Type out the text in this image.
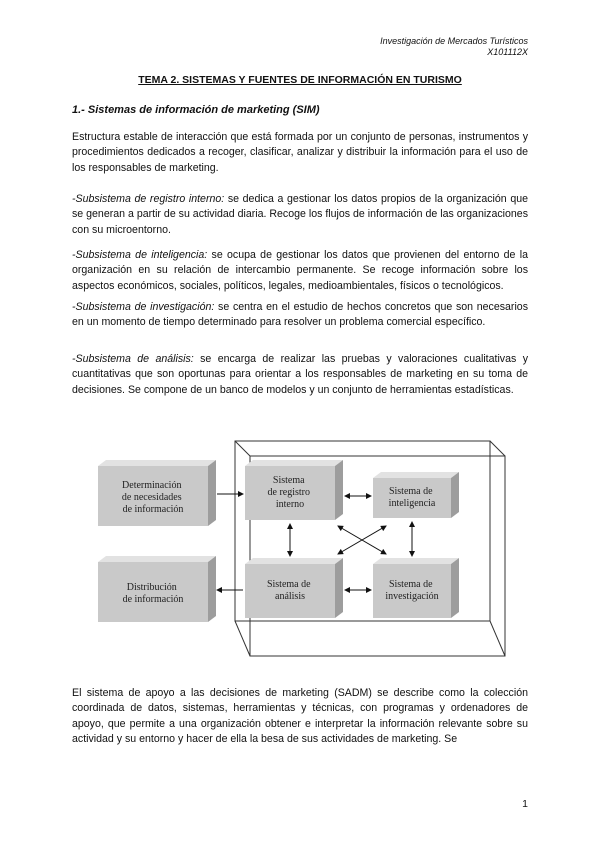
Investigación de Mercados Turísticos
X101112X
TEMA 2. SISTEMAS Y FUENTES DE INFORMACIÓN EN TURISMO
1.- Sistemas de información de marketing (SIM)

Estructura estable de interacción que está formada por un conjunto de personas, instrumentos y procedimientos dedicados a recoger, clasificar, analizar y distribuir la información para el uso de los responsables de marketing.

-Subsistema de registro interno: se dedica a gestionar los datos propios de la organización que se generan a partir de su actividad diaria. Recoge los flujos de información de las organizaciones con su microentorno.

-Subsistema de inteligencia: se ocupa de gestionar los datos que provienen del entorno de la organización en su relación de intercambio permanente. Se recoge información sobre los aspectos económicos, sociales, políticos, legales, medioambientales, físicos o tecnológicos.

-Subsistema de investigación: se centra en el estudio de hechos concretos que son necesarios en un momento de tiempo determinado para resolver un problema comercial específico.

-Subsistema de análisis: se encarga de realizar las pruebas y valoraciones cualitativas y cuantitativas que son oportunas para orientar a los responsables de marketing en su toma de decisiones. Se compone de un banco de modelos y un conjunto de herramientas estadísticas.

Determinación de necesidades de información
Distribución de información
Sistema de registro interno
Sistema de inteligencia
Sistema de análisis
Sistema de investigación

El sistema de apoyo a las decisiones de marketing (SADM) se describe como la colección coordinada de datos, sistemas, herramientas y técnicas, con programas y ordenadores de apoyo, que permite a una organización obtener e interpretar la información relevante sobre su actividad y su entorno y hacer de ella la besa de sus actividades de marketing. Se

1
